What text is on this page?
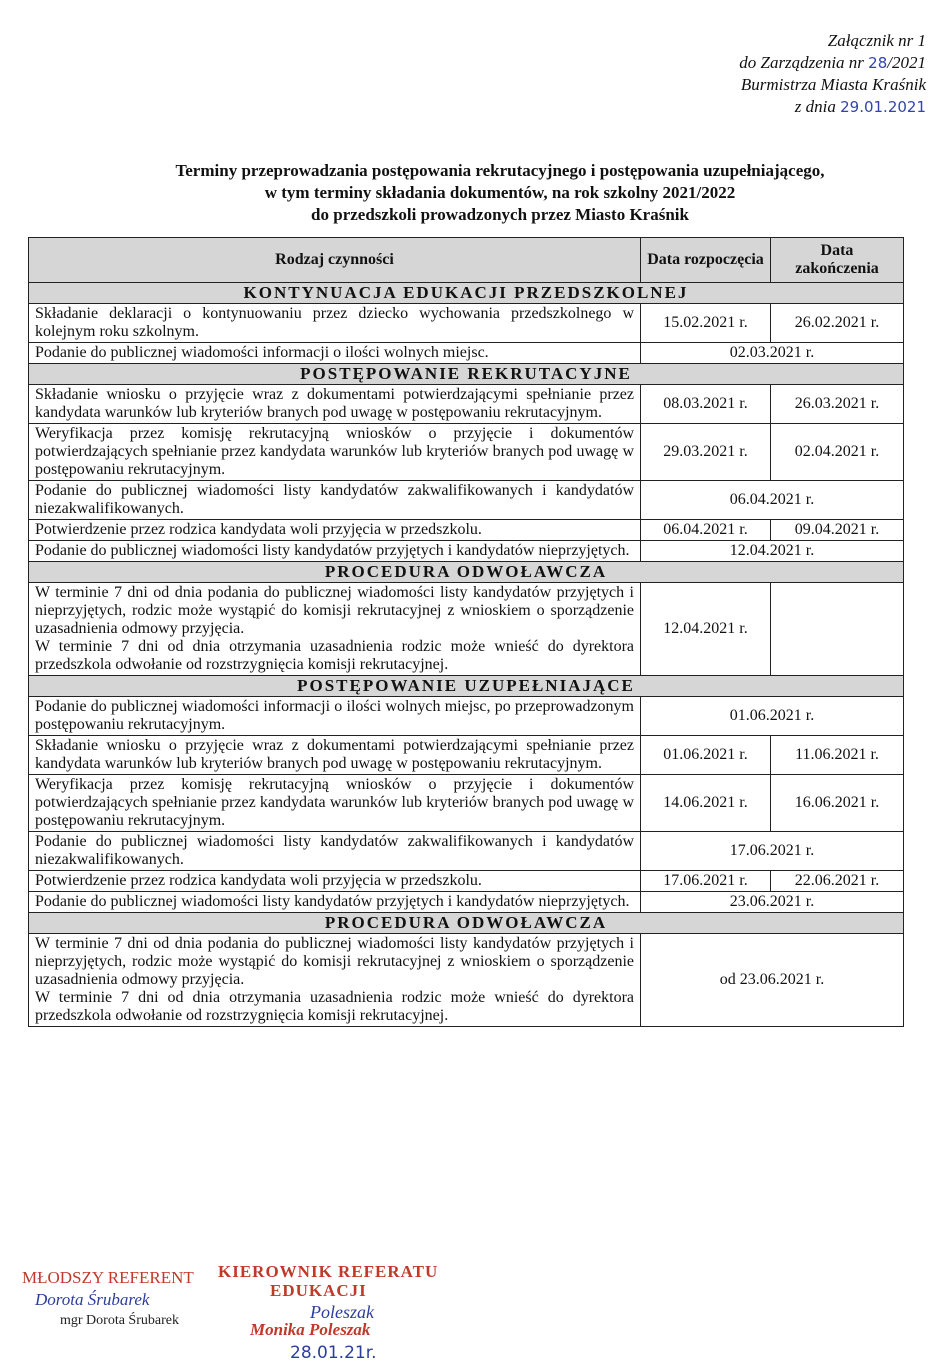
Załącznik nr 1
do Zarządzenia nr 28/2021
Burmistrza Miasta Kraśnik
z dnia 29.01.2021
Terminy przeprowadzania postępowania rekrutacyjnego i postępowania uzupełniającego,
w tym terminy składania dokumentów, na rok szkolny 2021/2022
do przedszkoli prowadzonych przez Miasto Kraśnik
Rodzaj czynności	Data rozpoczęcia	Data zakończenia
KONTYNUACJA EDUKACJI PRZEDSZKOLNEJ		

Składanie deklaracji o kontynuowaniu przez dziecko wychowania przedszkolnego w kolejnym roku szkolnym.	15.02.2021 r.	26.02.2021 r.

Podanie do publicznej wiadomości informacji o ilości wolnych miejsc.	02.03.2021 r.	
POSTĘPOWANIE REKRUTACYJNE		

Składanie wniosku o przyjęcie wraz z dokumentami potwierdzającymi spełnianie przez kandydata warunków lub kryteriów branych pod uwagę w postępowaniu rekrutacyjnym.	08.03.2021 r.	26.03.2021 r.

Weryfikacja przez komisję rekrutacyjną wniosków o przyjęcie i dokumentów potwierdzających spełnianie przez kandydata warunków lub kryteriów branych pod uwagę w postępowaniu rekrutacyjnym.	29.03.2021 r.	02.04.2021 r.

Podanie do publicznej wiadomości listy kandydatów zakwalifikowanych i kandydatów niezakwalifikowanych.	06.04.2021 r.	

Potwierdzenie przez rodzica kandydata woli przyjęcia w przedszkolu.	06.04.2021 r.	09.04.2021 r.

Podanie do publicznej wiadomości listy kandydatów przyjętych i kandydatów nieprzyjętych.	12.04.2021 r.	
PROCEDURA ODWOŁAWCZA		

W terminie 7 dni od dnia podania do publicznej wiadomości listy kandydatów przyjętych i nieprzyjętych, rodzic może wystąpić do komisji rekrutacyjnej z wnioskiem o sporządzenie uzasadnienia odmowy przyjęcia.
W terminie 7 dni od dnia otrzymania uzasadnienia rodzic może wnieść do dyrektora przedszkola odwołanie od rozstrzygnięcia komisji rekrutacyjnej.	12.04.2021 r.	
POSTĘPOWANIE UZUPEŁNIAJĄCE		

Podanie do publicznej wiadomości informacji o ilości wolnych miejsc, po przeprowadzonym postępowaniu rekrutacyjnym.	01.06.2021 r.	

Składanie wniosku o przyjęcie wraz z dokumentami potwierdzającymi spełnianie przez kandydata warunków lub kryteriów branych pod uwagę w postępowaniu rekrutacyjnym.	01.06.2021 r.	11.06.2021 r.

Weryfikacja przez komisję rekrutacyjną wniosków o przyjęcie i dokumentów potwierdzających spełnianie przez kandydata warunków lub kryteriów branych pod uwagę w postępowaniu rekrutacyjnym.	14.06.2021 r.	16.06.2021 r.

Podanie do publicznej wiadomości listy kandydatów zakwalifikowanych i kandydatów niezakwalifikowanych.	17.06.2021 r.	

Potwierdzenie przez rodzica kandydata woli przyjęcia w przedszkolu.	17.06.2021 r.	22.06.2021 r.

Podanie do publicznej wiadomości listy kandydatów przyjętych i kandydatów nieprzyjętych.	23.06.2021 r.	
PROCEDURA ODWOŁAWCZA		

W terminie 7 dni od dnia podania do publicznej wiadomości listy kandydatów przyjętych i nieprzyjętych, rodzic może wystąpić do komisji rekrutacyjnej z wnioskiem o sporządzenie uzasadnienia odmowy przyjęcia.
W terminie 7 dni od dnia otrzymania uzasadnienia rodzic może wnieść do dyrektora przedszkola odwołanie od rozstrzygnięcia komisji rekrutacyjnej.	od 23.06.2021 r.	
MŁODSZY REFERENT
Dorota Śrubarek
mgr Dorota Śrubarek
KIEROWNIK REFERATU
EDUKACJI
Poleszak
Monika Poleszak
28.01.21r.
